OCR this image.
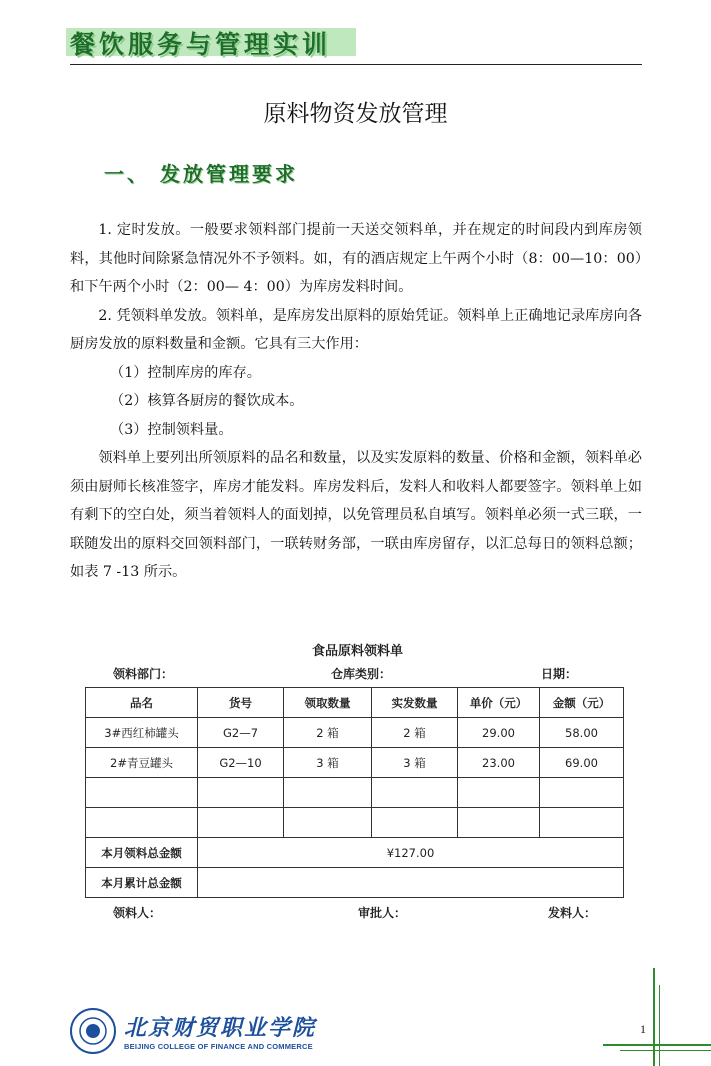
餐饮服务与管理实训
原料物资发放管理
一、 发放管理要求

1. 定时发放。一般要求领料部门提前一天送交领料单，并在规定的时间段内到库房领料，其他时间除紧急情况外不予领料。如，有的酒店规定上午两个小时（8：00—10：00）和下午两个小时（2：00— 4：00）为库房发料时间。

2. 凭领料单发放。领料单，是库房发出原料的原始凭证。领料单上正确地记录库房向各厨房发放的原料数量和金额。它具有三大作用：

（1）控制库房的库存。

（2）核算各厨房的餐饮成本。

（3）控制领料量。

领料单上要列出所领原料的品名和数量，以及实发原料的数量、价格和金额，领料单必须由厨师长核准签字，库房才能发料。库房发料后，发料人和收料人都要签字。领料单上如有剩下的空白处，须当着领料人的面划掉，以免管理员私自填写。领料单必须一式三联，一联随发出的原料交回领料部门，一联转财务部，一联由库房留存，以汇总每日的领料总额；如表 7 -13 所示。

食品原料领料单
领料部门：	仓库类别：	日期：
品名	货号	领取数量	实发数量	单价（元）	金额（元）
3#西红柿罐头	G2—7	2 箱	2 箱	29.00	58.00
2#青豆罐头	G2—10	3 箱	3 箱	23.00	69.00

本月领料总金额	¥127.00				
本月累计总金额					
领料人：	审批人：	发料人：
北京财贸职业学院
BEIJING COLLEGE OF FINANCE AND COMMERCE
1
